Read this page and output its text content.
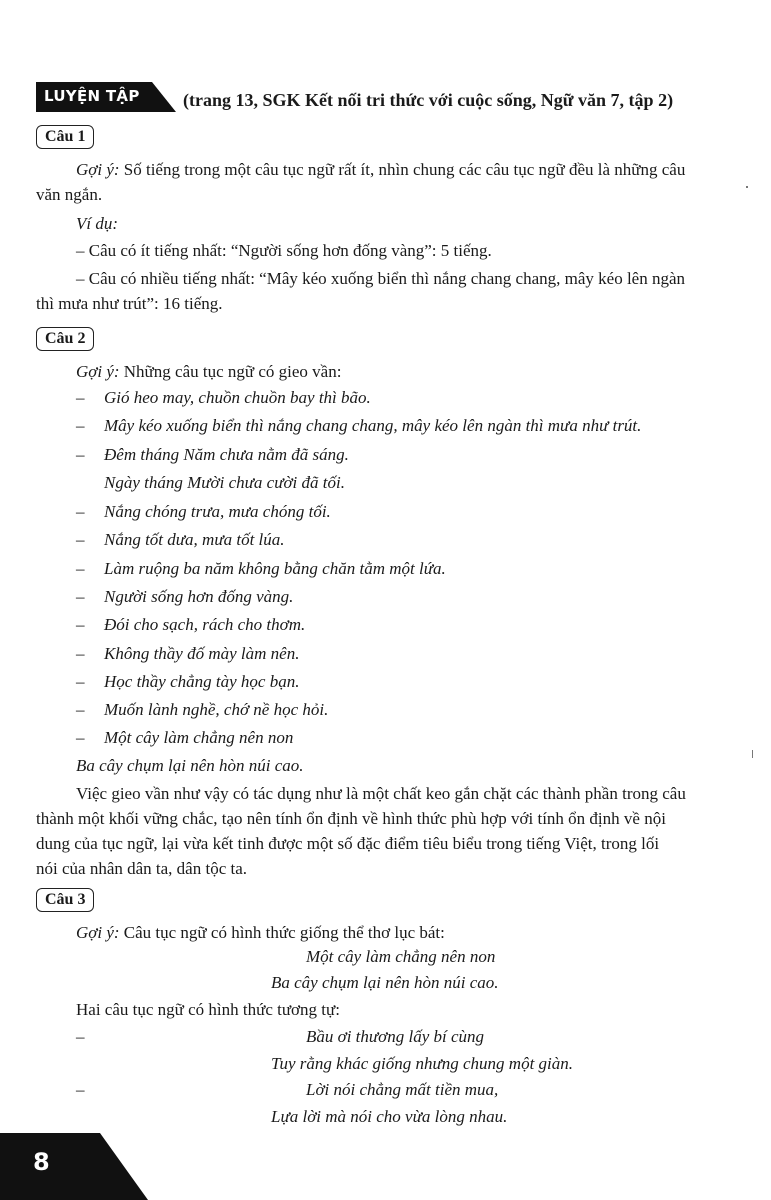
LUYỆN TẬP (trang 13, SGK Kết nối tri thức với cuộc sống, Ngữ văn 7, tập 2)
Câu 1
Gợi ý: Số tiếng trong một câu tục ngữ rất ít, nhìn chung các câu tục ngữ đều là những câu
văn ngắn.
Ví dụ:
– Câu có ít tiếng nhất: “Người sống hơn đống vàng”: 5 tiếng.
– Câu có nhiều tiếng nhất: “Mây kéo xuống biển thì nắng chang chang, mây kéo lên ngàn
thì mưa như trút”: 16 tiếng.
Câu 2
Gợi ý: Những câu tục ngữ có gieo vần:
– Gió heo may, chuồn chuồn bay thì bão.
– Mây kéo xuống biển thì nắng chang chang, mây kéo lên ngàn thì mưa như trút.
– Đêm tháng Năm chưa nằm đã sáng.
Ngày tháng Mười chưa cười đã tối.
– Nắng chóng trưa, mưa chóng tối.
– Nắng tốt dưa, mưa tốt lúa.
– Làm ruộng ba năm không bằng chăn tằm một lứa.
– Người sống hơn đống vàng.
– Đói cho sạch, rách cho thơm.
– Không thầy đố mày làm nên.
– Học thầy chẳng tày học bạn.
– Muốn lành nghề, chớ nề học hỏi.
– Một cây làm chẳng nên non
Ba cây chụm lại nên hòn núi cao.
Việc gieo vần như vậy có tác dụng như là một chất keo gắn chặt các thành phần trong câu
thành một khối vững chắc, tạo nên tính ổn định về hình thức phù hợp với tính ổn định về nội
dung của tục ngữ, lại vừa kết tinh được một số đặc điểm tiêu biểu trong tiếng Việt, trong lối
nói của nhân dân ta, dân tộc ta.
Câu 3
Gợi ý: Câu tục ngữ có hình thức giống thể thơ lục bát:
Một cây làm chẳng nên non
Ba cây chụm lại nên hòn núi cao.
Hai câu tục ngữ có hình thức tương tự:
–	Bầu ơi thương lấy bí cùng
Tuy rằng khác giống nhưng chung một giàn.
–	Lời nói chẳng mất tiền mua,
Lựa lời mà nói cho vừa lòng nhau.
8
